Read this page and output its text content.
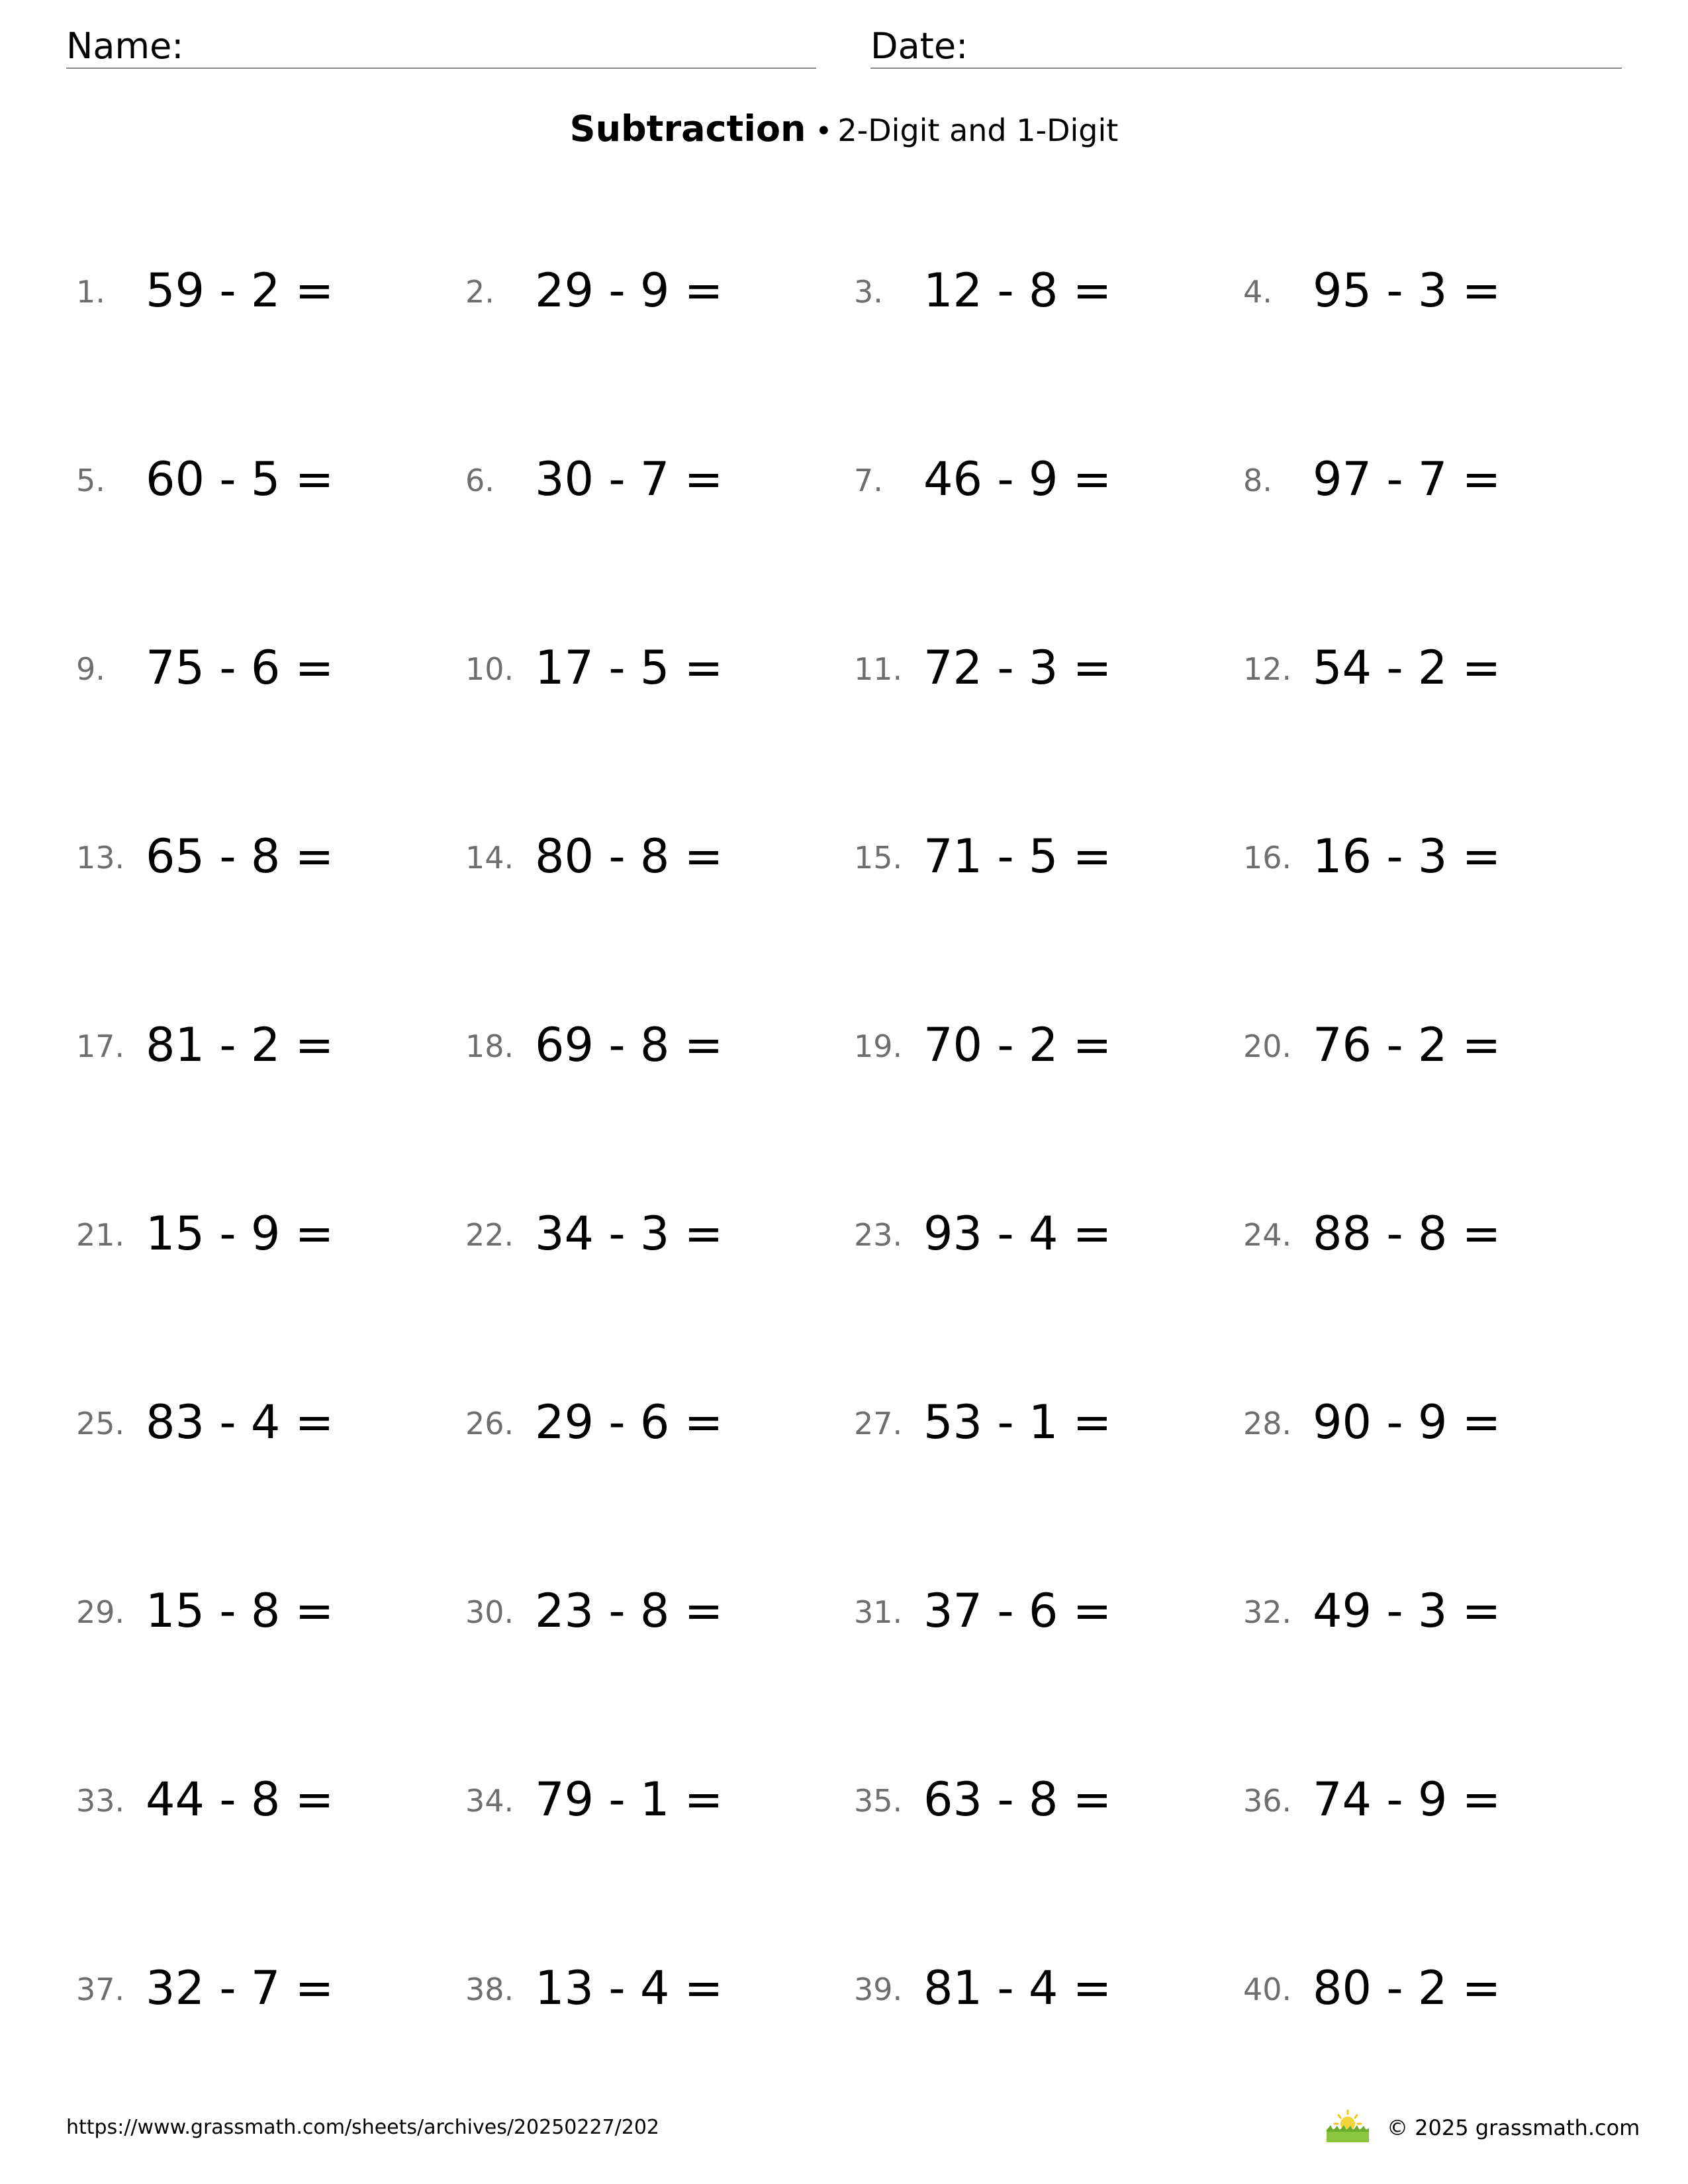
Name:	Date:
Subtraction • 2-Digit and 1-Digit
1. 59 - 2 =	2. 29 - 9 =	3. 12 - 8 =	4. 95 - 3 =
5. 60 - 5 =	6. 30 - 7 =	7. 46 - 9 =	8. 97 - 7 =
9. 75 - 6 =	10. 17 - 5 =	11. 72 - 3 =	12. 54 - 2 =
13. 65 - 8 =	14. 80 - 8 =	15. 71 - 5 =	16. 16 - 3 =
17. 81 - 2 =	18. 69 - 8 =	19. 70 - 2 =	20. 76 - 2 =
21. 15 - 9 =	22. 34 - 3 =	23. 93 - 4 =	24. 88 - 8 =
25. 83 - 4 =	26. 29 - 6 =	27. 53 - 1 =	28. 90 - 9 =
29. 15 - 8 =	30. 23 - 8 =	31. 37 - 6 =	32. 49 - 3 =
33. 44 - 8 =	34. 79 - 1 =	35. 63 - 8 =	36. 74 - 9 =
37. 32 - 7 =	38. 13 - 4 =	39. 81 - 4 =	40. 80 - 2 =
https://www.grassmath.com/sheets/archives/20250227/202	© 2025 grassmath.com
